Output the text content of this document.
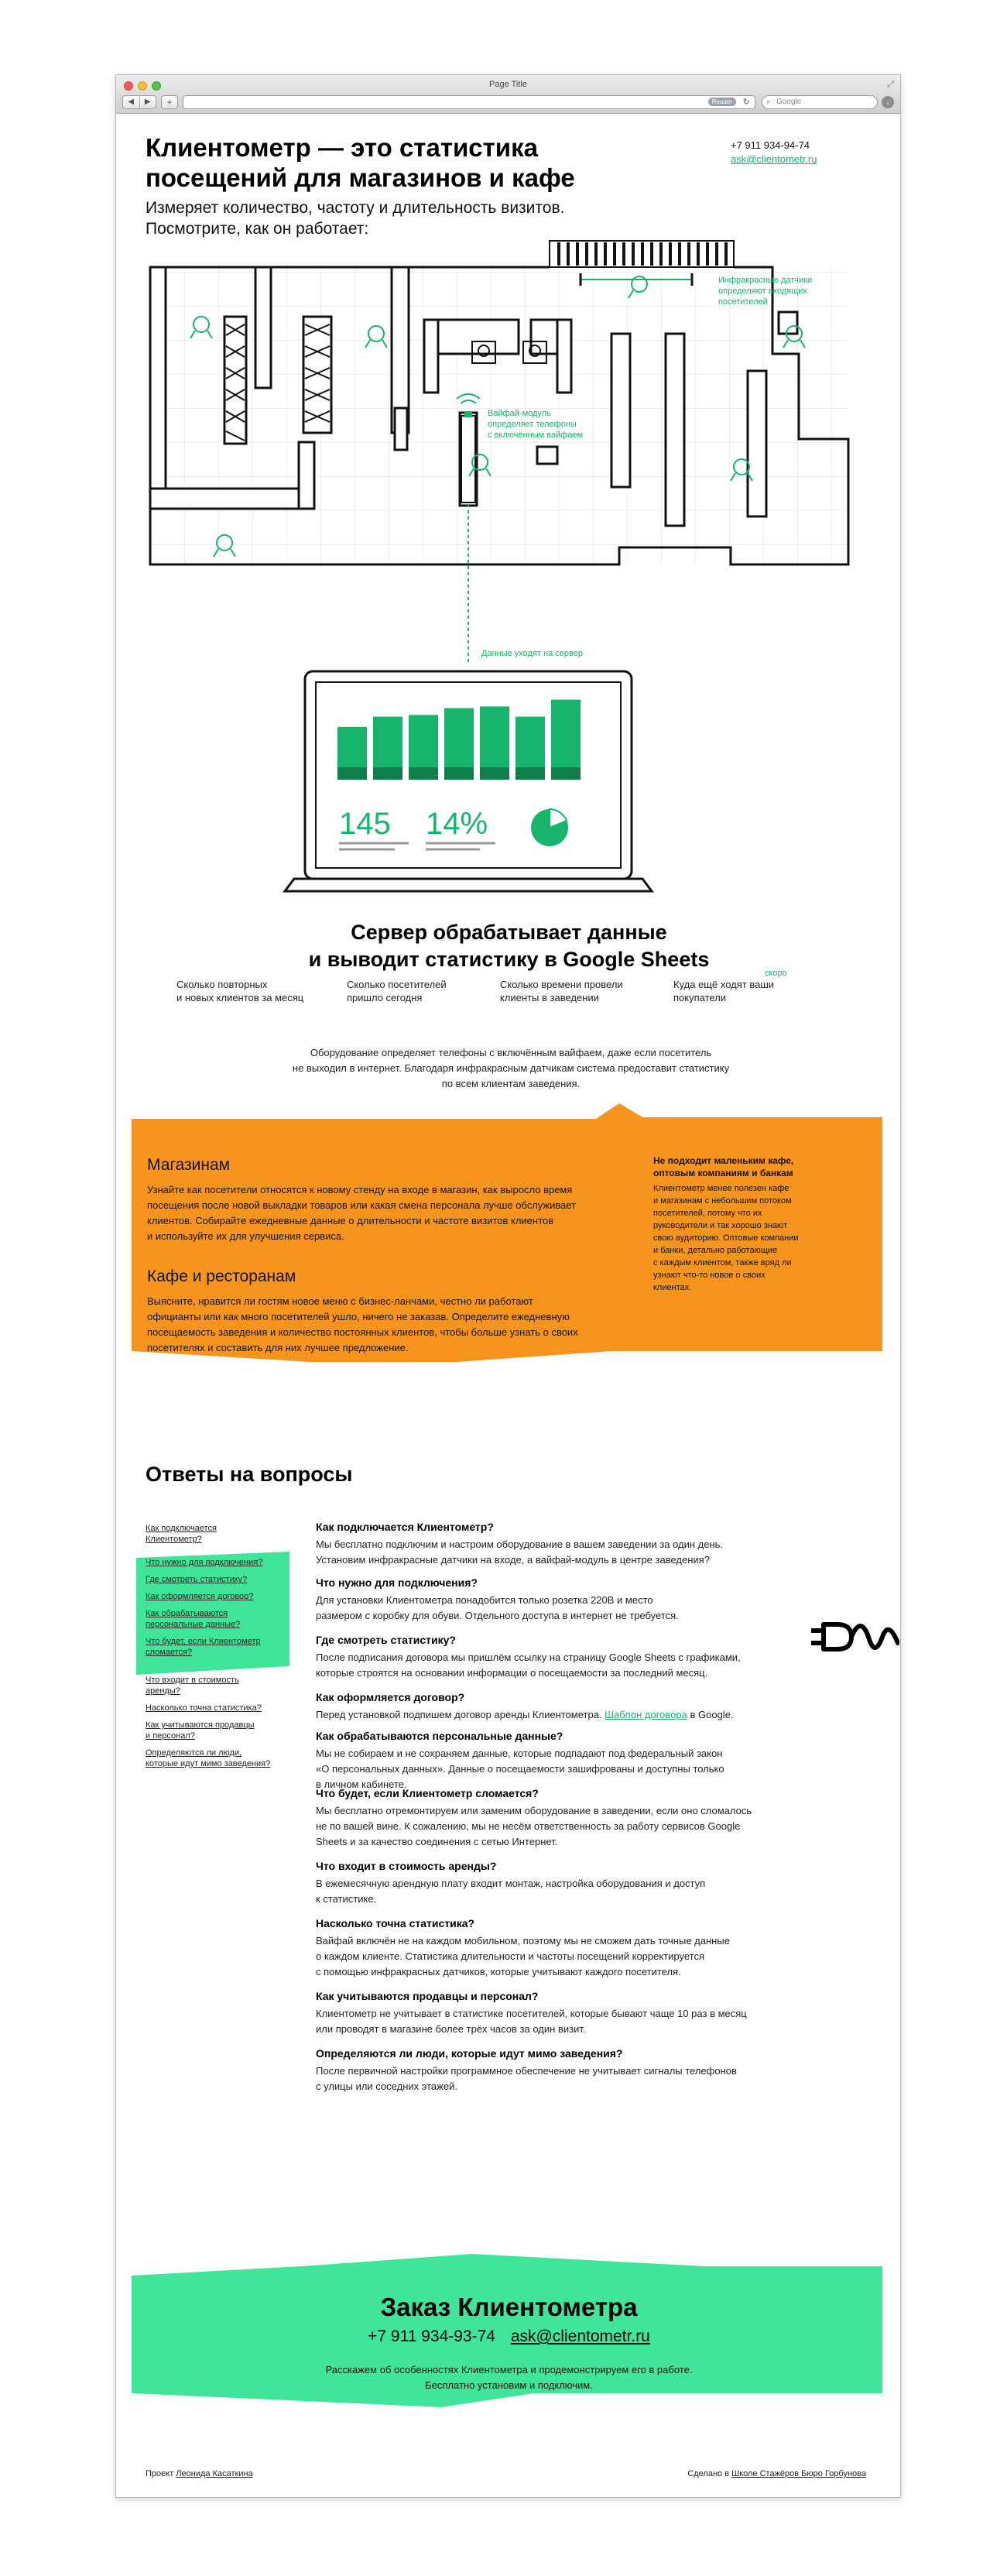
Page Title	⤢
◀	▶	+	Reader	↻ ⌕ Google	↓
Клиентометр — это статистика
посещений для магазинов и кафе
Измеряет количество, частоту и длительность визитов.
Посмотрите, как он работает:
+7 911 934-94-74
ask@clientometr.ru
Инфракрасные датчики
определяют входящих
посетителей
Вайфай-модуль
определяет телефоны
с включённым вайфаем
Данные уходят на сервер
145 14%
Сервер обрабатывает данные
и выводит статистику в Google Sheets
скоро
Сколько повторных
и новых клиентов за месяц
Сколько посетителей
пришло сегодня
Сколько времени провели
клиенты в заведении
Куда ещё ходят ваши
покупатели
Оборудование определяет телефоны с включённым вайфаем, даже если посетитель
не выходил в интернет. Благодаря инфракрасным датчикам система предоставит статистику
по всем клиентам заведения.
Магазинам
Узнайте как посетители относятся к новому стенду на входе в магазин, как выросло время
посещения после новой выкладки товаров или какая смена персонала лучше обслуживает
клиентов. Собирайте ежедневные данные о длительности и частоте визитов клиентов
и используйте их для улучшения сервиса.
Кафе и ресторанам
Выясните, нравится ли гостям новое меню с бизнес-ланчами, честно ли работают
официанты или как много посетителей ушло, ничего не заказав. Определите ежедневную
посещаемость заведения и количество постоянных клиентов, чтобы больше узнать о своих
посетителях и составить для них лучшее предложение.
Не подходит маленьким кафе,
оптовым компаниям и банкам
Клиентометр менее полезен кафе
и магазинам с небольшим потоком
посетителей, потому что их
руководители и так хорошо знают
свою аудиторию. Оптовые компании
и банки, детально работающие
с каждым клиентом, также вряд ли
узнают что-то новое о своих
клиентах.
Ответы на вопросы
Как подключается
Клиентометр?
Что нужно для подключения?
Где смотреть статистику?
Как оформляется договор?
Как обрабатываются
персональные данные?
Что будет, если Клиентометр
сломается?
Что входит в стоимость
аренды?
Насколько точна статистика?
Как учитываются продавцы
и персонал?
Определяются ли люди,
которые идут мимо заведения?
Как подключается Клиентометр?
Мы бесплатно подключим и настроим оборудование в вашем заведении за один день.
Установим инфракрасные датчики на входе, а вайфай-модуль в центре заведения?
Что нужно для подключения?
Для установки Клиентометра понадобится только розетка 220В и место
размером с коробку для обуви. Отдельного доступа в интернет не требуется.
Где смотреть статистику?
После подписания договора мы пришлём ссылку на страницу Google Sheets с графиками,
которые строятся на основании информации о посещаемости за последний месяц.
Как оформляется договор?
Перед установкой подпишем договор аренды Клиентометра. Шаблон договора в Google.
Как обрабатываются персональные данные?
Мы не собираем и не сохраняем данные, которые подпадают под федеральный закон
«О персональных данных». Данные о посещаемости зашифрованы и доступны только
в личном кабинете.
Что будет, если Клиентометр сломается?
Мы бесплатно отремонтируем или заменим оборудование в заведении, если оно сломалось
не по вашей вине. К сожалению, мы не несём ответственность за работу сервисов Google
Sheets и за качество соединения с сетью Интернет.
Что входит в стоимость аренды?
В ежемесячную арендную плату входит монтаж, настройка оборудования и доступ
к статистике.
Насколько точна статистика?
Вайфай включён не на каждом мобильном, поэтому мы не сможем дать точные данные
о каждом клиенте. Статистика длительности и частоты посещений корректируется
с помощью инфракрасных датчиков, которые учитывают каждого посетителя.
Как учитываются продавцы и персонал?
Клиентометр не учитывает в статистике посетителей, которые бывают чаще 10 раз в месяц
или проводят в магазине более трёх часов за один визит.
Определяются ли люди, которые идут мимо заведения?
После первичной настройки программное обеспечение не учитывает сигналы телефонов
с улицы или соседних этажей.
Заказ Клиентометра
+7 911 934-93-74 ask@clientometr.ru
Расскажем об особенностях Клиентометра и продемонстрируем его в работе.
Бесплатно установим и подключим.
Проект Леонида Касаткина	Сделано в Школе Стажёров Бюро Горбунова
